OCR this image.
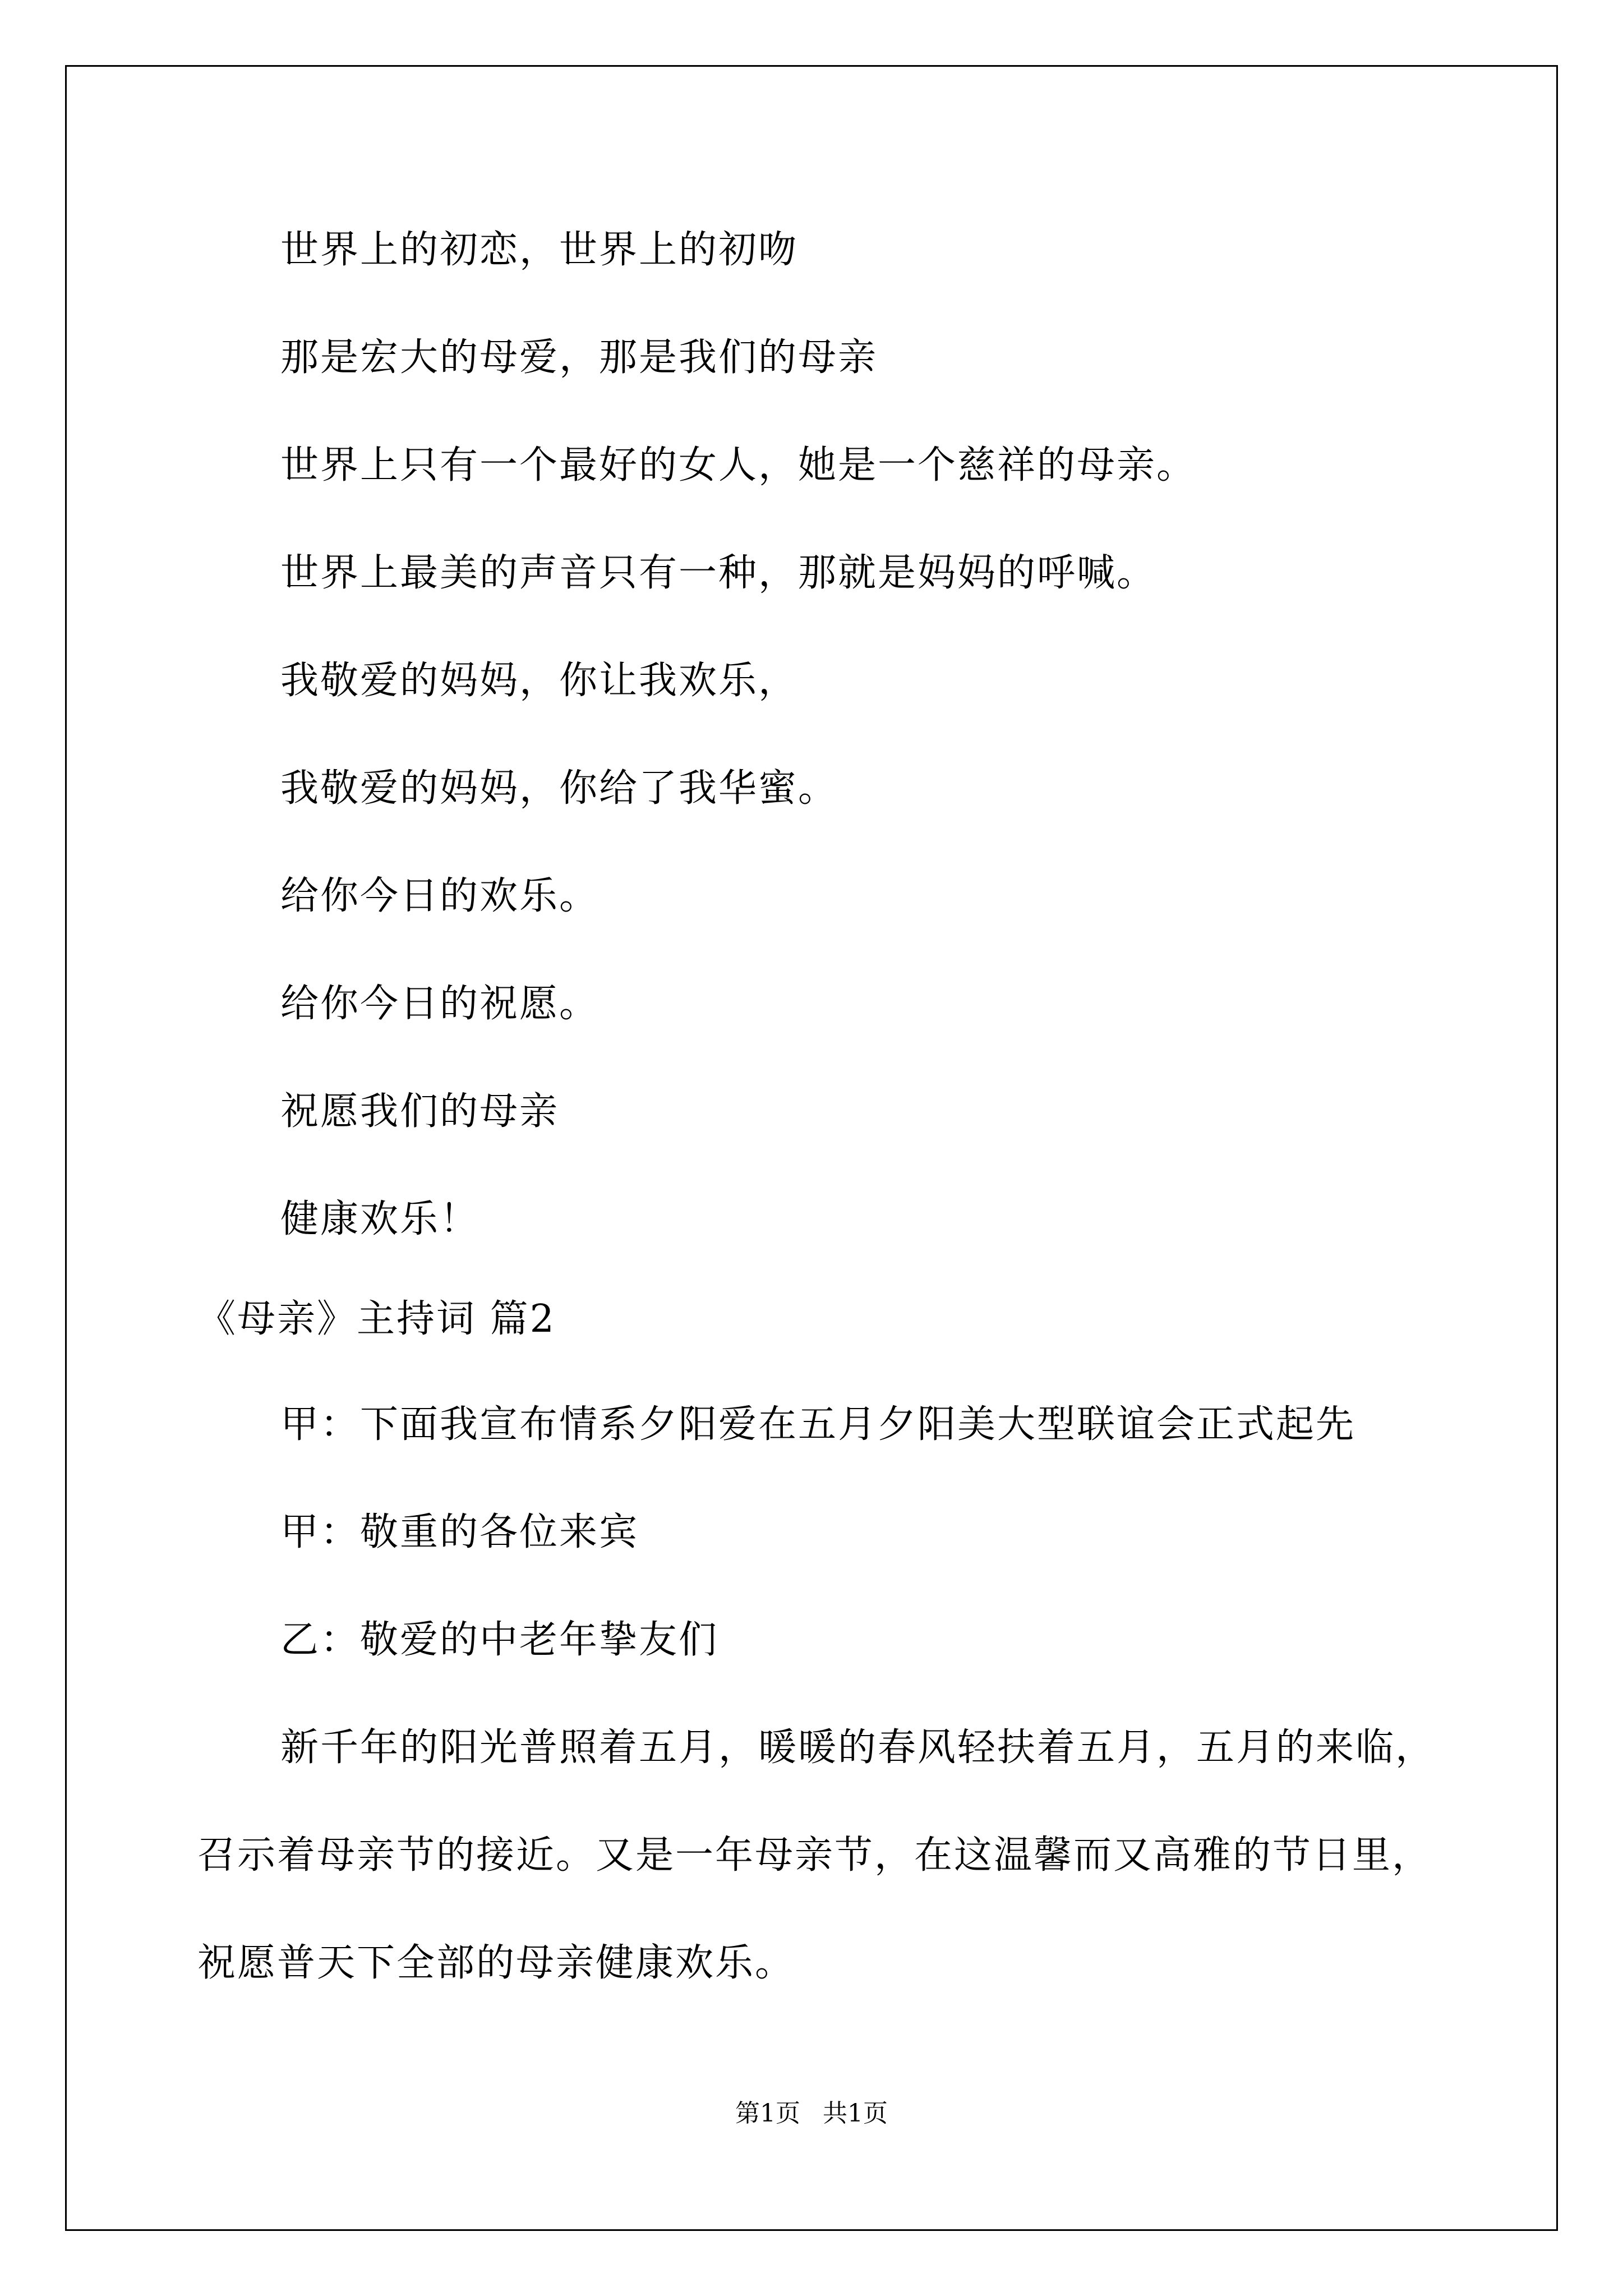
世界上的初恋，世界上的初吻
那是宏大的母爱，那是我们的母亲
世界上只有一个最好的女人，她是一个慈祥的母亲。
世界上最美的声音只有一种，那就是妈妈的呼喊。
我敬爱的妈妈，你让我欢乐，
我敬爱的妈妈，你给了我华蜜。
给你今日的欢乐。
给你今日的祝愿。
祝愿我们的母亲
健康欢乐！
《母亲》主持词 篇2
甲：下面我宣布情系夕阳爱在五月夕阳美大型联谊会正式起先
甲：敬重的各位来宾
乙：敬爱的中老年挚友们
新千年的阳光普照着五月，暖暖的春风轻扶着五月，五月的来临，
召示着母亲节的接近。又是一年母亲节，在这温馨而又高雅的节日里，
祝愿普天下全部的母亲健康欢乐。
第1页 共1页
